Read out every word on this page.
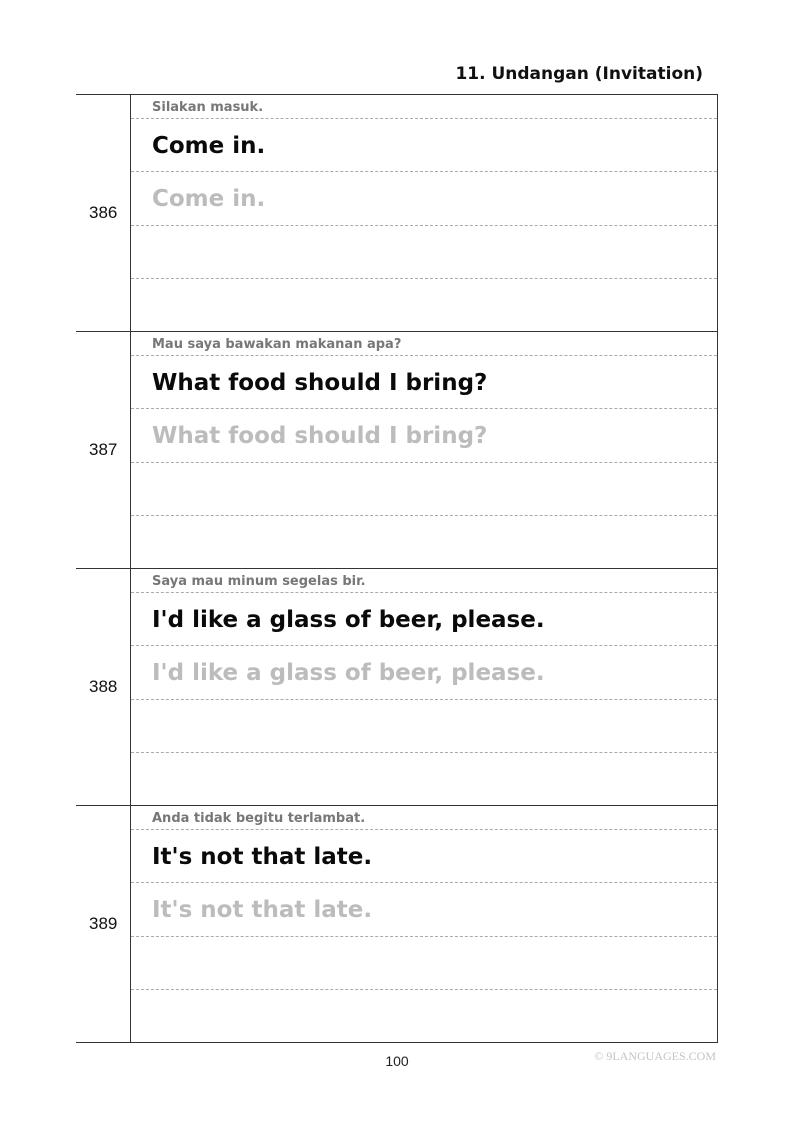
11. Undangan (Invitation)
386
Silakan masuk.
Come in.
Come in.
387
Mau saya bawakan makanan apa?
What food should I bring?
What food should I bring?
388
Saya mau minum segelas bir.
I'd like a glass of beer, please.
I'd like a glass of beer, please.
389
Anda tidak begitu terlambat.
It's not that late.
It's not that late.
100	© 9LANGUAGES.COM
